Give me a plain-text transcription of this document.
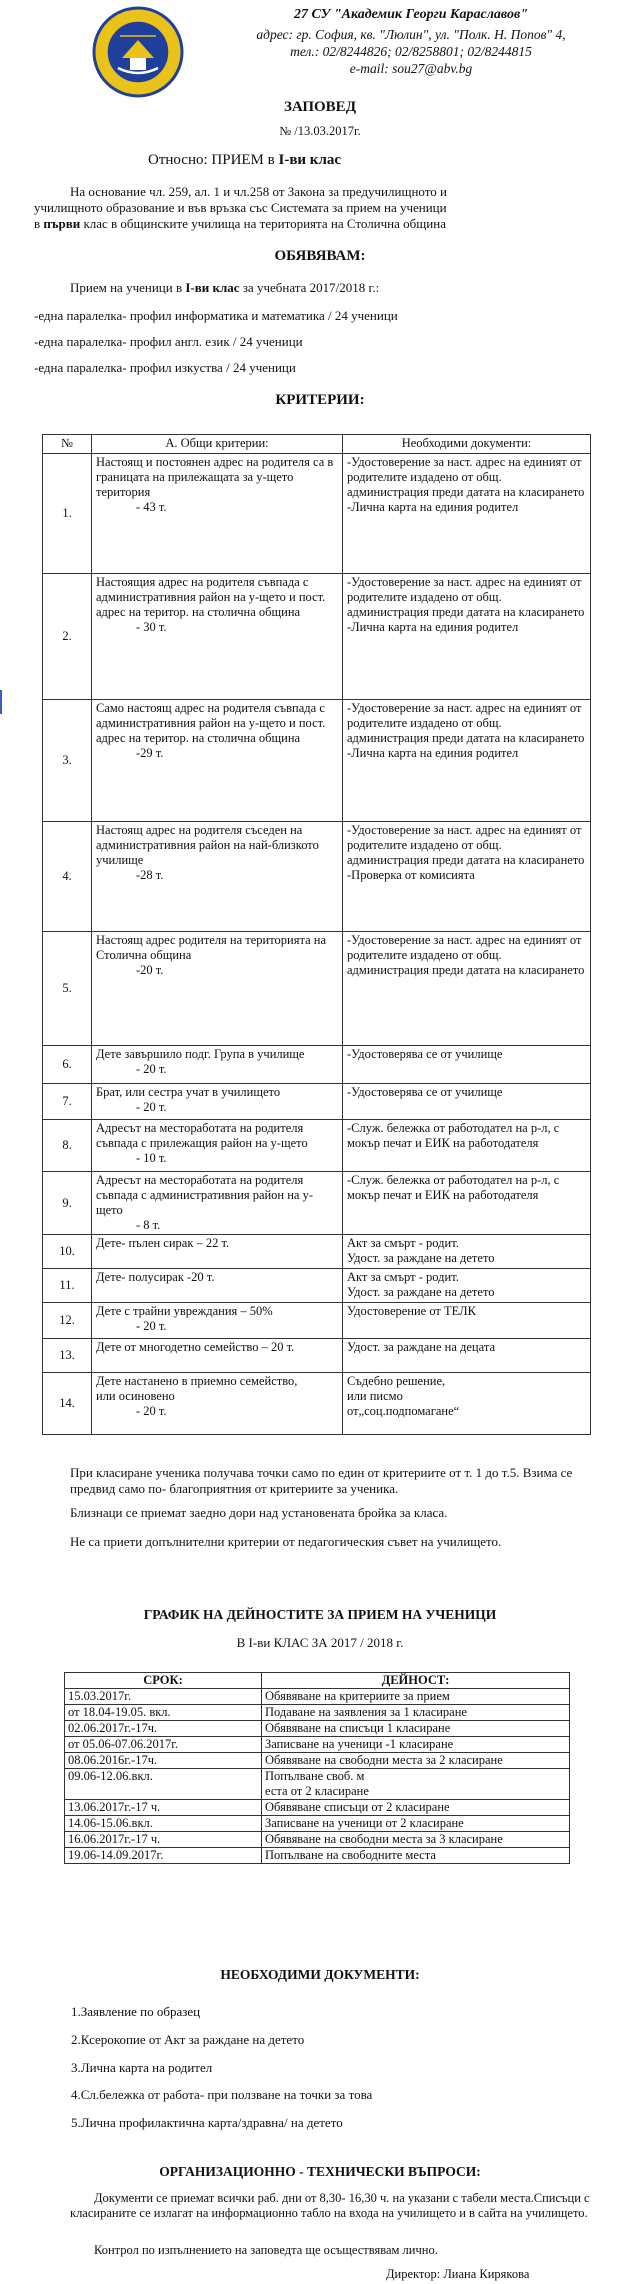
27 СУ "Академик Георги Караславов"
адрес: гр. София, кв. "Люлин", ул. "Полк. Н. Попов" 4,
тел.: 02/8244826; 02/8258801; 02/8244815
e-mail: sou27@abv.bg
ЗАПОВЕД
№ /13.03.2017г.
Относно: ПРИЕМ в I-ви клас

На основание чл. 259, ал. 1 и чл.258 от Закона за предучилищното и

училищното образование и във връзка със Системата за прием на ученици

в първи клас в общинските училища на територията на Столична община

ОБЯВЯВАМ:

Прием на ученици в I-ви клас за учебната 2017/2018 г.:

-една паралелка- профил информатика и математика / 24 ученици

-една паралелка- профил англ. език / 24 ученици

-една паралелка- профил изкуства / 24 ученици

КРИТЕРИИ:
№	А. Общи критерии:	Необходими документи:
1.	Настоящ и постоянен адрес на родителя са в границата на прилежащата за у-щето територия
- 43 т.	-Удостоверение за наст. адрес на единият от родителите издадено от общ. администрация преди датата на класирането
-Лична карта на единия родител
2.	Настоящия адрес на родителя съвпада с административния район на у-щето и пост. адрес на територ. на столична община
- 30 т.	-Удостоверение за наст. адрес на единият от родителите издадено от общ. администрация преди датата на класирането
-Лична карта на единия родител
3.	Само настоящ адрес на родителя съвпада с административния район на у-щето и пост. адрес на територ. на столична община
-29 т.	-Удостоверение за наст. адрес на единият от родителите издадено от общ. администрация преди датата на класирането
-Лична карта на единия родител
4.	Настоящ адрес на родителя съседен на административния район на най-близкото училище
-28 т.	-Удостоверение за наст. адрес на единият от родителите издадено от общ. администрация преди датата на класирането
-Проверка от комисията
5.	Настоящ адрес родителя на територията на Столична община
-20 т.	-Удостоверение за наст. адрес на единият от родителите издадено от общ. администрация преди датата на класирането
6.	Дете завършило подг. Група в училище
- 20 т.	-Удостоверява се от училище
7.	Брат, или сестра учат в училището
- 20 т.	-Удостоверява се от училище
8.	Адресът на месторaботата на родителя съвпада с прилежащия район на у-щето
- 10 т.	-Служ. бележка от работодател на р-л, с мокър печат и ЕИК на работодателя
9.	Адресът на месторaботата на родителя съвпада с административния район на у-щето
- 8 т.	-Служ. бележка от работодател на р-л, с мокър печат и ЕИК на работодателя
10.	Дете- пълен сирак – 22 т.	Акт за смърт - родит.
Удост. за раждане на детето
11.	Дете- полусирак -20 т.	Акт за смърт - родит.
Удост. за раждане на детето
12.	Дете с трайни увреждания – 50%
- 20 т.	Удостоверение от ТЕЛК
13.	Дете от многодетно семейство – 20 т.	Удост. за раждане на децата
14.	Дете настанено в приемно семейство,
или осиновено
- 20 т.	Съдебно решение,
или писмо
от„соц.подпомагане“

При класиране ученика получава точки само по един от критериите от т. 1 до т.5. Взима се предвид само по- благоприятния от критериите за ученика.

Близнаци се приемат заедно дори над установената бройка за класа.

Не са приети допълнителни критерии от педагогическия съвет на училището.

ГРАФИК НА ДЕЙНОСТИТЕ ЗА ПРИЕМ НА УЧЕНИЦИ
В I-ви КЛАС ЗА 2017 / 2018 г.
СРОК:	ДЕЙНОСТ:
15.03.2017г.	Обявяване на критериите за прием
от 18.04-19.05. вкл.	Подаване на заявления за 1 класиране
02.06.2017г.-17ч.	Обявяване на списъци 1 класиране
от 05.06-07.06.2017г.	Записване на ученици -1 класиране
08.06.2016г.-17ч.	Обявяване на свободни места за 2 класиране
09.06-12.06.вкл.	Попълване своб. м
еста от 2 класиране
13.06.2017г.-17 ч.	Обявяване списъци от 2 класиране
14.06-15.06.вкл.	Записване на ученици от 2 класиране
16.06.2017г.-17 ч.	Обявяване на свободни места за 3 класиране
19.06-14.09.2017г.	Попълване на свободните места
НЕОБХОДИМИ ДОКУМЕНТИ:
1.Заявление по образец
2.Ксерокопие от Акт за раждане на детето
3.Лична карта на родител
4.Сл.бележка от работа- при ползване на точки за това
5.Лична профилактична карта/здравна/ на детето
ОРГАНИЗАЦИОННО - ТЕХНИЧЕСКИ ВЪПРОСИ:

Документи се приемат всички раб. дни от 8,30- 16,30 ч. на указани с табели места.Списъци с класираните се излагат на информационно табло на входа на училището и в сайта на училището.

Контрол по изпълнението на заповедта ще осъществявам лично.

Директор: Лиана Кирякова
